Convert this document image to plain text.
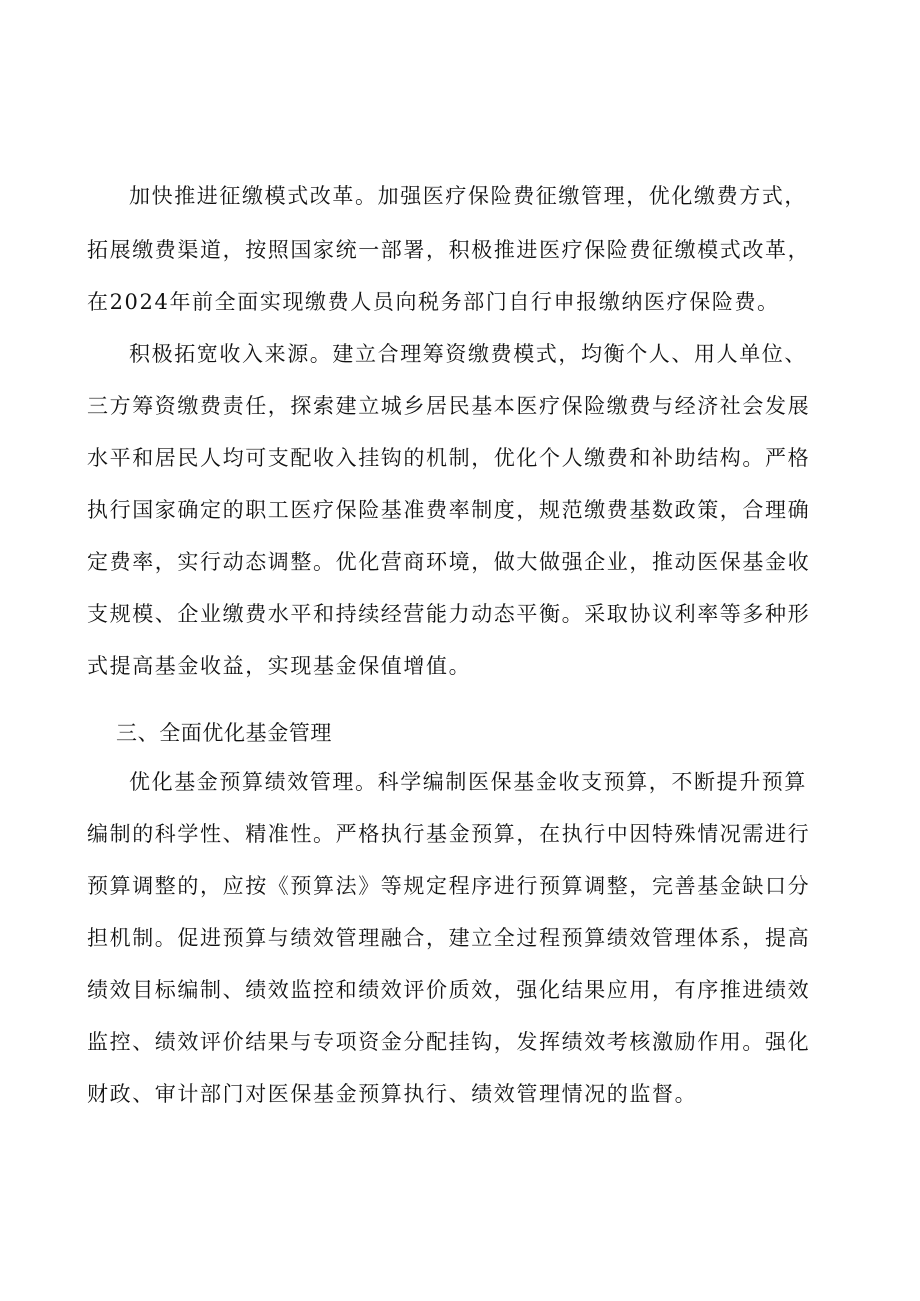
加快推进征缴模式改革。加强医疗保险费征缴管理，优化缴费方式，
拓展缴费渠道，按照国家统一部署，积极推进医疗保险费征缴模式改革，
在2024年前全面实现缴费人员向税务部门自行申报缴纳医疗保险费。
积极拓宽收入来源。建立合理筹资缴费模式，均衡个人、用人单位、
三方筹资缴费责任，探索建立城乡居民基本医疗保险缴费与经济社会发展
水平和居民人均可支配收入挂钩的机制，优化个人缴费和补助结构。严格
执行国家确定的职工医疗保险基准费率制度，规范缴费基数政策，合理确
定费率，实行动态调整。优化营商环境，做大做强企业，推动医保基金收
支规模、企业缴费水平和持续经营能力动态平衡。采取协议利率等多种形
式提高基金收益，实现基金保值增值。
三、全面优化基金管理
优化基金预算绩效管理。科学编制医保基金收支预算，不断提升预算
编制的科学性、精准性。严格执行基金预算，在执行中因特殊情况需进行
预算调整的，应按《预算法》等规定程序进行预算调整，完善基金缺口分
担机制。促进预算与绩效管理融合，建立全过程预算绩效管理体系，提高
绩效目标编制、绩效监控和绩效评价质效，强化结果应用，有序推进绩效
监控、绩效评价结果与专项资金分配挂钩，发挥绩效考核激励作用。强化
财政、审计部门对医保基金预算执行、绩效管理情况的监督。
